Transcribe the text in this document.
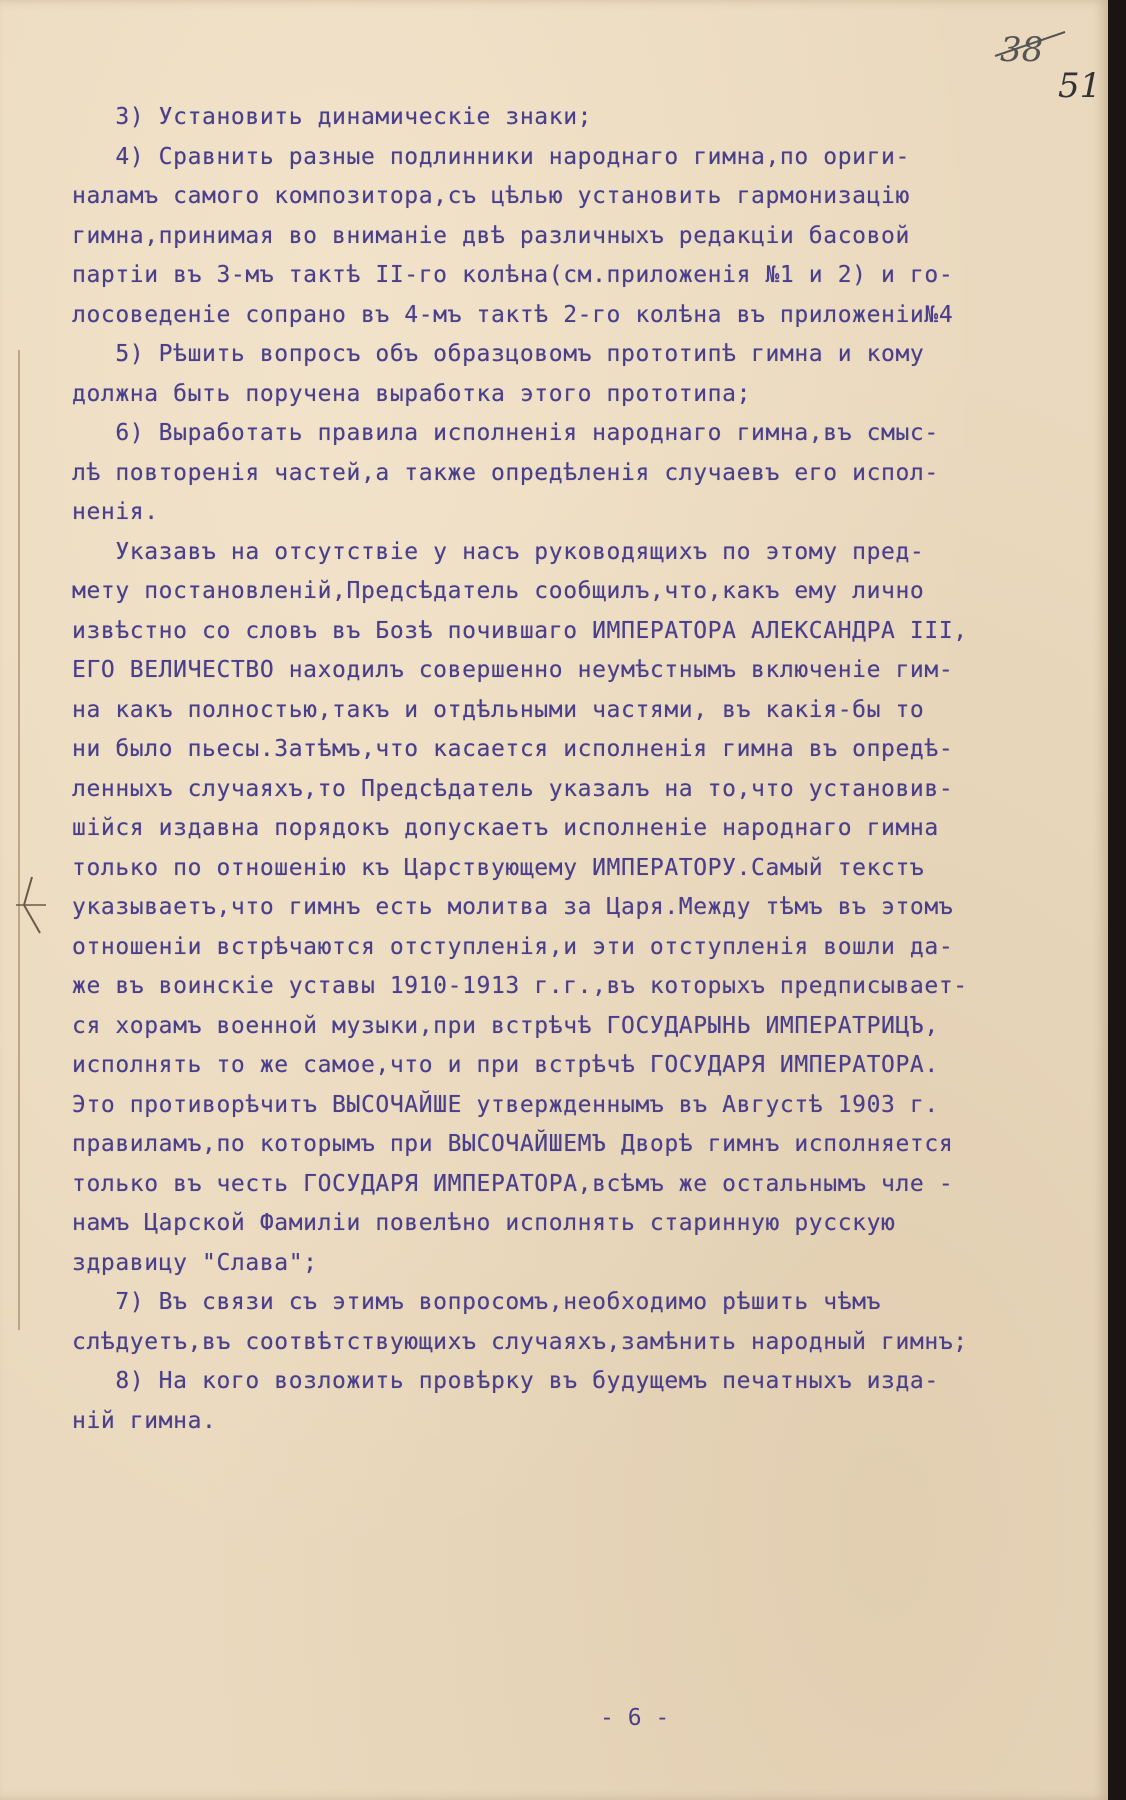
38
51
3) Установить динамическіе знаки;
4) Сравнить разные подлинники народнаго гимна,по ориги-
наламъ самого композитора,съ цѣлью установить гармонизацію
гимна,принимая во вниманіе двѣ различныхъ редакціи басовой
партіи въ 3-мъ тактѣ II-го колѣна(см.приложенія №1 и 2) и го-
лосоведеніе сопрано въ 4-мъ тактѣ 2-го колѣна въ приложеніи№4
5) Рѣшить вопросъ объ образцовомъ прототипѣ гимна и кому
должна быть поручена выработка этого прототипа;
6) Выработать правила исполненія народнаго гимна,въ смыс-
лѣ повторенія частей,а также опредѣленія случаевъ его испол-
ненія.
Указавъ на отсутствіе у насъ руководящихъ по этому пред-
мету постановленій,Предсѣдатель сообщилъ,что,какъ ему лично
извѣстно со словъ въ Бозѣ почившаго ИМПЕРАТОРА АЛЕКСАНДРА III,
ЕГО ВЕЛИЧЕСТВО находилъ совершенно неумѣстнымъ включеніе гим-
на какъ полностью,такъ и отдѣльными частями, въ какія-бы то
ни было пьесы.Затѣмъ,что касается исполненія гимна въ опредѣ-
ленныхъ случаяхъ,то Предсѣдатель указалъ на то,что установив-
шійся издавна порядокъ допускаетъ исполненіе народнаго гимна
только по отношенію къ Царствующему ИМПЕРАТОРУ.Самый текстъ
указываетъ,что гимнъ есть молитва за Царя.Между тѣмъ въ этомъ
отношеніи встрѣчаются отступленія,и эти отступленія вошли да-
же въ воинскіе уставы 1910-1913 г.г.,въ которыхъ предписывает-
ся хорамъ военной музыки,при встрѣчѣ ГОСУДАРЫНЬ ИМПЕРАТРИЦЪ,
исполнять то же самое,что и при встрѣчѣ ГОСУДАРЯ ИМПЕРАТОРА.
Это противорѣчитъ ВЫСОЧАЙШЕ утвержденнымъ въ Августѣ 1903 г.
правиламъ,по которымъ при ВЫСОЧАЙШЕМЪ Дворѣ гимнъ исполняется
только въ честь ГОСУДАРЯ ИМПЕРАТОРА,всѣмъ же остальнымъ чле -
намъ Царской Фамиліи повелѣно исполнять старинную русскую
здравицу "Слава";
7) Въ связи съ этимъ вопросомъ,необходимо рѣшить чѣмъ
слѣдуетъ,въ соотвѣтствующихъ случаяхъ,замѣнить народный гимнъ;
8) На кого возложить провѣрку въ будущемъ печатныхъ изда-
ній гимна.
- 6 -
